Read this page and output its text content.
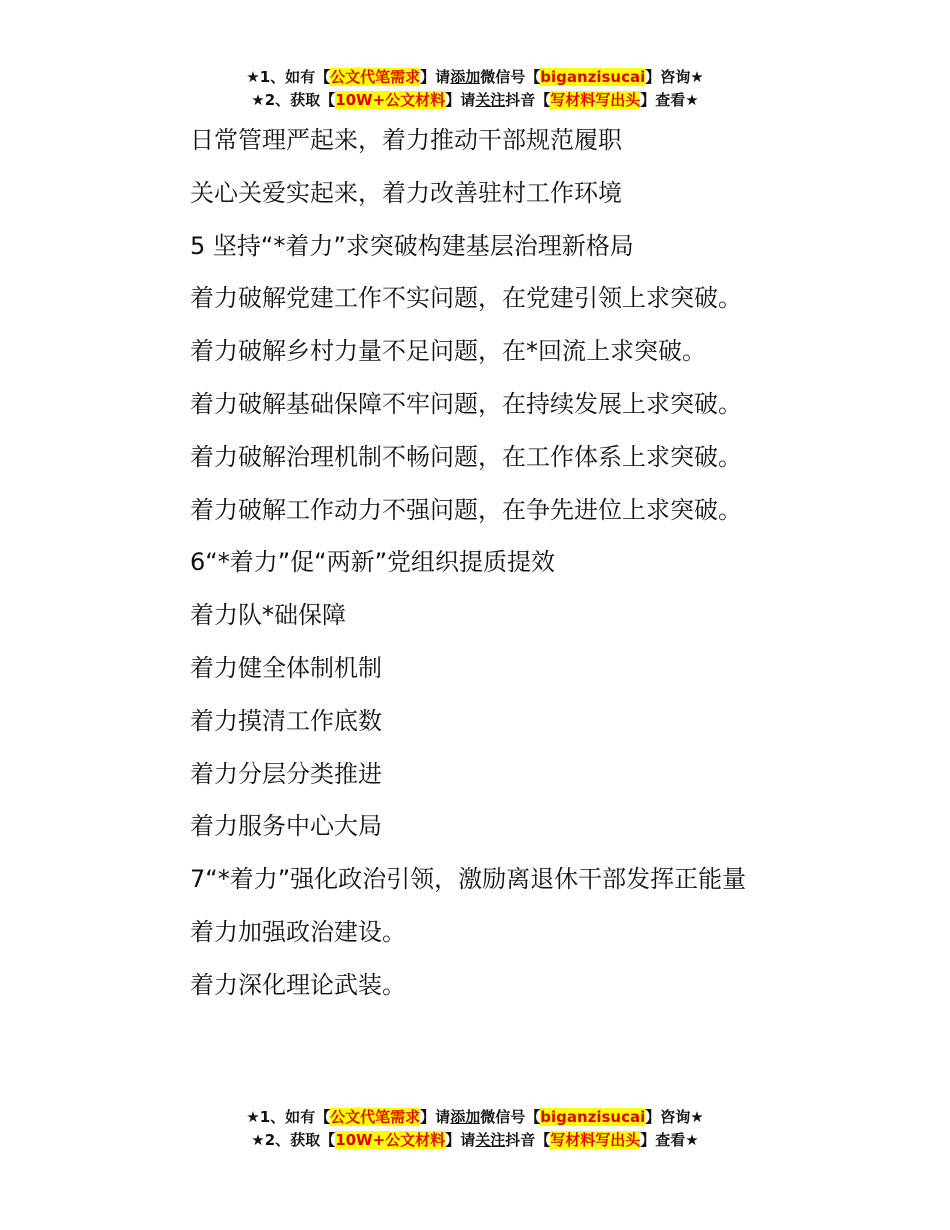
★1、如有【公文代笔需求】请添加微信号【biganzisucai】咨询★
★2、获取【10W+公文材料】请关注抖音【写材料写出头】查看★

日常管理严起来，着力推动干部规范履职

关心关爱实起来，着力改善驻村工作环境

5 坚持“*着力”求突破构建基层治理新格局

着力破解党建工作不实问题，在党建引领上求突破。

着力破解乡村力量不足问题，在*回流上求突破。

着力破解基础保障不牢问题，在持续发展上求突破。

着力破解治理机制不畅问题，在工作体系上求突破。

着力破解工作动力不强问题，在争先进位上求突破。

6“*着力”促“两新”党组织提质提效

着力队*础保障

着力健全体制机制

着力摸清工作底数

着力分层分类推进

着力服务中心大局

7“*着力”强化政治引领，激励离退休干部发挥正能量

着力加强政治建设。

着力深化理论武装。

★1、如有【公文代笔需求】请添加微信号【biganzisucai】咨询★
★2、获取【10W+公文材料】请关注抖音【写材料写出头】查看★
